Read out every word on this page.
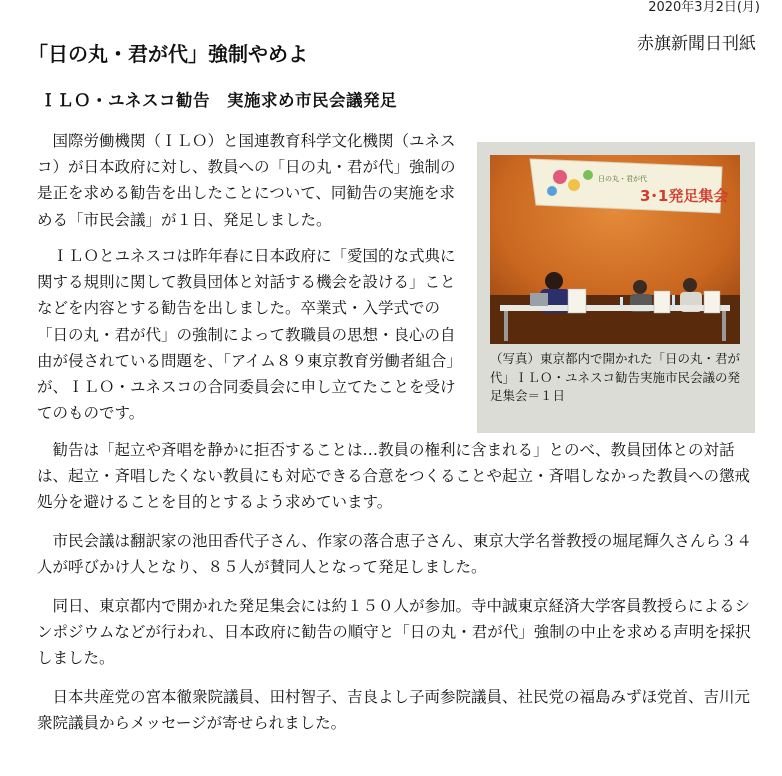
2020年3月2日(月)
赤旗新聞日刊紙
「日の丸・君が代」強制やめよ
ＩＬＯ・ユネスコ勧告　実施求め市民会議発足

国際労働機関（ＩＬＯ）と国連教育科学文化機関（ユネスコ）が日本政府に対し、教員への「日の丸・君が代」強制の是正を求める勧告を出したことについて、同勧告の実施を求める「市民会議」が１日、発足しました。

ＩＬＯとユネスコは昨年春に日本政府に「愛国的な式典に関する規則に関して教員団体と対話する機会を設ける」ことなどを内容とする勧告を出しました。卒業式・入学式での「日の丸・君が代」の強制によって教職員の思想・良心の自由が侵されている問題を、「アイム８９東京教育労働者組合」が、ＩＬＯ・ユネスコの合同委員会に申し立てたことを受けてのものです。

日の丸・君が代
3･1発足集会

（写真）東京都内で開かれた「日の丸・君が代」ＩＬＯ・ユネスコ勧告実施市民会議の発足集会＝１日

勧告は「起立や斉唱を静かに拒否することは…教員の権利に含まれる」とのべ、教員団体との対話は、起立・斉唱したくない教員にも対応できる合意をつくることや起立・斉唱しなかった教員への懲戒処分を避けることを目的とするよう求めています。

市民会議は翻訳家の池田香代子さん、作家の落合恵子さん、東京大学名誉教授の堀尾輝久さんら３４人が呼びかけ人となり、８５人が賛同人となって発足しました。

同日、東京都内で開かれた発足集会には約１５０人が参加。寺中誠東京経済大学客員教授らによるシンポジウムなどが行われ、日本政府に勧告の順守と「日の丸・君が代」強制の中止を求める声明を採択しました。

日本共産党の宮本徹衆院議員、田村智子、吉良よし子両参院議員、社民党の福島みずほ党首、吉川元衆院議員からメッセージが寄せられました。
